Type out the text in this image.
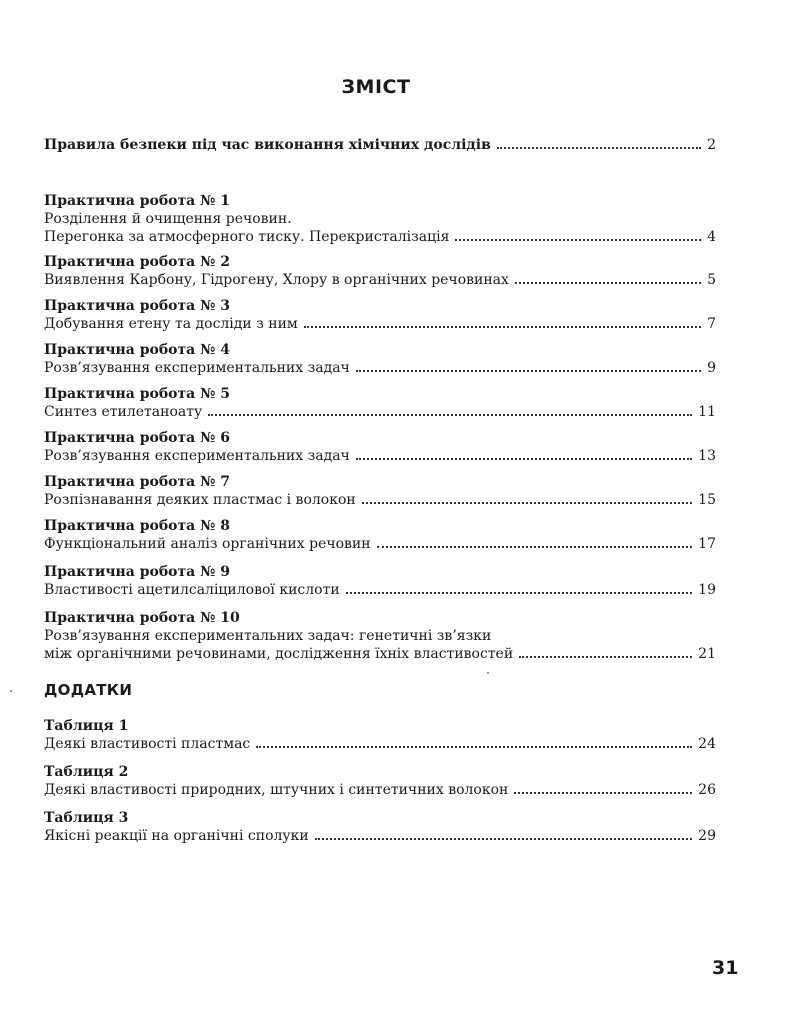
ЗМІСТ
Правила безпеки під час виконання хімічних дослідів	2
Практична робота № 1
Розділення й очищення речовин.
Перегонка за атмосферного тиску. Перекристалізація	4
Практична робота № 2
Виявлення Карбону, Гідрогену, Хлору в органічних речовинах	5
Практична робота № 3
Добування етену та досліди з ним	7
Практична робота № 4
Розв’язування експериментальних задач	9
Практична робота № 5
Синтез етилетаноату	11
Практична робота № 6
Розв’язування експериментальних задач	13
Практична робота № 7
Розпізнавання деяких пластмас і волокон	15
Практична робота № 8
Функціональний аналіз органічних речовин	17
Практична робота № 9
Властивості ацетилсаліцилової кислоти	19
Практична робота № 10
Розв’язування експериментальних задач: генетичні зв’язки
між органічними речовинами, дослідження їхніх властивостей	21
ДОДАТКИ
Таблиця 1
Деякі властивості пластмас	24
Таблиця 2
Деякі властивості природних, штучних і синтетичних волокон	26
Таблиця 3
Якісні реакції на органічні сполуки	29
31
